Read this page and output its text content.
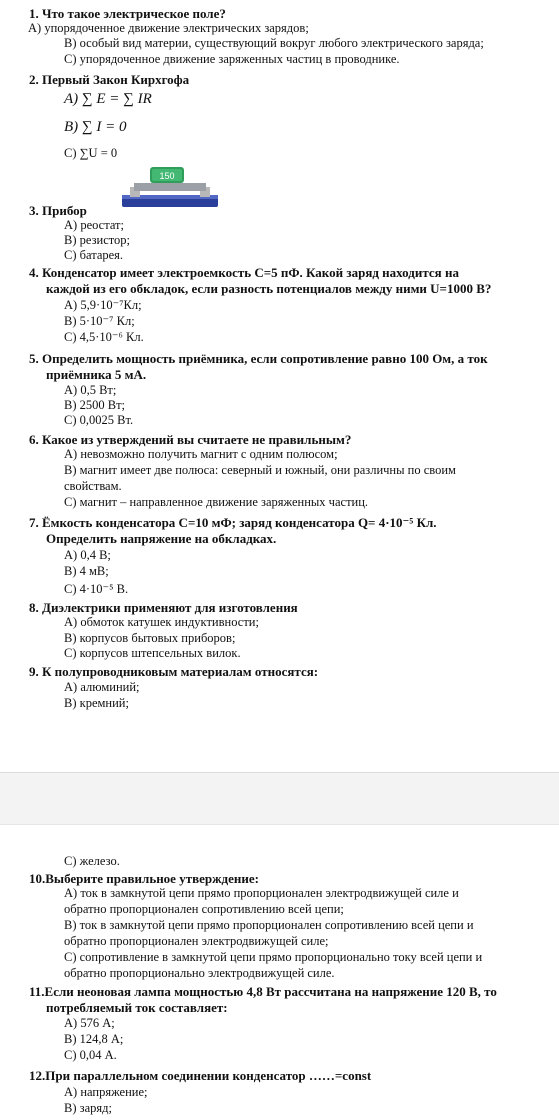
1. Что такое электрическое поле?
А) упорядоченное движение электрических зарядов;
В) особый вид материи, существующий вокруг любого электрического заряда;
С) упорядоченное движение заряженных частиц в проводнике.
2. Первый Закон Кирхгофа
A) ∑ E = ∑ IR
B) ∑ I = 0
C) ∑U = 0
150
3. Прибор
А) реостат;
В) резистор;
С) батарея.
4. Конденсатор имеет электроемкость С=5 пФ. Какой заряд находится на
каждой из его обкладок, если разность потенциалов между ними U=1000 В?
А) 5,9·10⁻⁷Кл;
В) 5·10⁻⁷ Кл;
С) 4,5·10⁻⁶ Кл.
5. Определить мощность приёмника, если сопротивление равно 100 Ом, а ток
приёмника 5 мА.
А) 0,5 Вт;
В) 2500 Вт;
С) 0,0025 Вт.
6. Какое из утверждений вы считаете не правильным?
А) невозможно получить магнит с одним полюсом;
В) магнит имеет две полюса: северный и южный, они различны по своим
свойствам.
С) магнит – направленное движение заряженных частиц.
7. Ёмкость конденсатора С=10 мФ; заряд конденсатора Q= 4·10⁻⁵ Кл.
Определить напряжение на обкладках.
А) 0,4 В;
В) 4 мВ;
С) 4·10⁻⁵ В.
8. Диэлектрики применяют для изготовления
А) обмоток катушек индуктивности;
В) корпусов бытовых приборов;
С) корпусов штепсельных вилок.
9. К полупроводниковым материалам относятся:
А) алюминий;
В) кремний;
С) железо.
10.Выберите правильное утверждение:
А) ток в замкнутой цепи прямо пропорционален электродвижущей силе и
обратно пропорционален сопротивлению всей цепи;
В) ток в замкнутой цепи прямо пропорционален сопротивлению всей цепи и
обратно пропорционален электродвижущей силе;
С) сопротивление в замкнутой цепи прямо пропорционально току всей цепи и
обратно пропорционально электродвижущей силе.
11.Если неоновая лампа мощностью 4,8 Вт рассчитана на напряжение 120 В, то
потребляемый ток составляет:
А) 576 А;
В) 124,8 А;
С) 0,04 А.
12.При параллельном соединении конденсатор ……=const
А) напряжение;
В) заряд;
